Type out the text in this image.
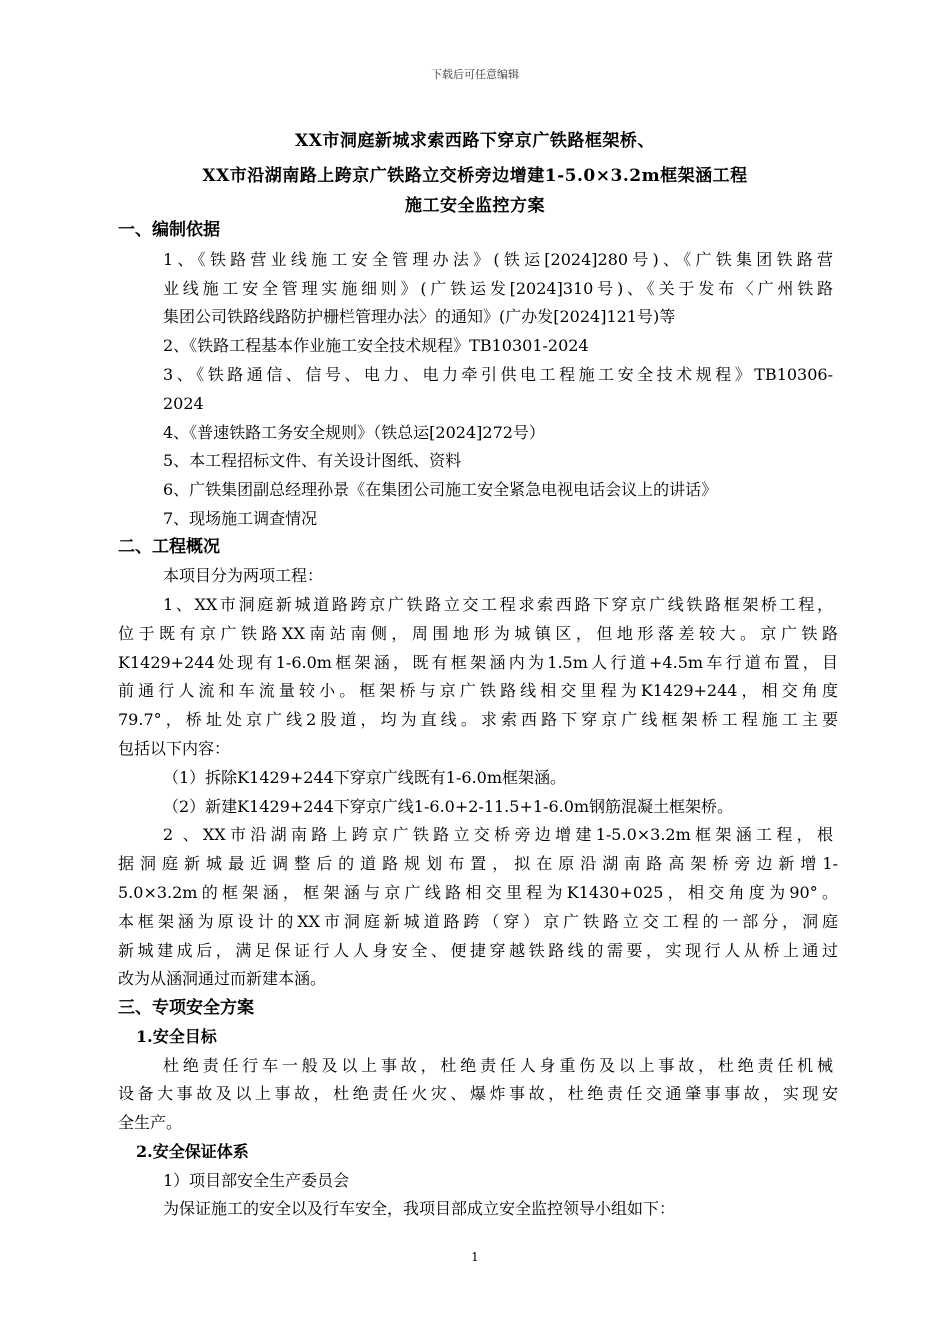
下载后可任意编辑
XX市洞庭新城求索西路下穿京广铁路框架桥、
XX市沿湖南路上跨京广铁路立交桥旁边增建1-5.0×3.2m框架涵工程
施工安全监控方案
一、编制依据
1、《铁路营业线施工安全管理办法》(铁运[2024]280号)、《广铁集团铁路营
业线施工安全管理实施细则》(广铁运发[2024]310号)、《关于发布〈广州铁路
集团公司铁路线路防护栅栏管理办法〉的通知》(广办发[2024]121号)等
2、《铁路工程基本作业施工安全技术规程》TB10301-2024
3、《铁路通信、信号、电力、电力牵引供电工程施工安全技术规程》TB10306-
2024
4、《普速铁路工务安全规则》（铁总运[2024]272号）
5、本工程招标文件、有关设计图纸、资料
6、广铁集团副总经理孙景《在集团公司施工安全紧急电视电话会议上的讲话》
7、现场施工调查情况
二、工程概况
本项目分为两项工程：
1、XX市洞庭新城道路跨京广铁路立交工程求索西路下穿京广线铁路框架桥工程，
位于既有京广铁路XX南站南侧，周围地形为城镇区，但地形落差较大。京广铁路
K1429+244处现有1-6.0m框架涵，既有框架涵内为1.5m人行道+4.5m车行道布置，目
前通行人流和车流量较小。框架桥与京广铁路线相交里程为K1429+244，相交角度
79.7°，桥址处京广线2股道，均为直线。求索西路下穿京广线框架桥工程施工主要
包括以下内容：
（1）拆除K1429+244下穿京广线既有1-6.0m框架涵。
（2）新建K1429+244下穿京广线1-6.0+2-11.5+1-6.0m钢筋混凝土框架桥。
2 、XX市沿湖南路上跨京广铁路立交桥旁边增建1-5.0×3.2m框架涵工程，根
据洞庭新城最近调整后的道路规划布置，拟在原沿湖南路高架桥旁边新增1-
5.0×3.2m的框架涵，框架涵与京广线路相交里程为K1430+025，相交角度为90°。
本框架涵为原设计的XX市洞庭新城道路跨（穿）京广铁路立交工程的一部分，洞庭
新城建成后，满足保证行人人身安全、便捷穿越铁路线的需要，实现行人从桥上通过
改为从涵洞通过而新建本涵。
三、专项安全方案
1.安全目标
杜绝责任行车一般及以上事故，杜绝责任人身重伤及以上事故，杜绝责任机械
设备大事故及以上事故，杜绝责任火灾、爆炸事故，杜绝责任交通肇事事故，实现安
全生产。
2.安全保证体系
1）项目部安全生产委员会
为保证施工的安全以及行车安全，我项目部成立安全监控领导小组如下：
1
